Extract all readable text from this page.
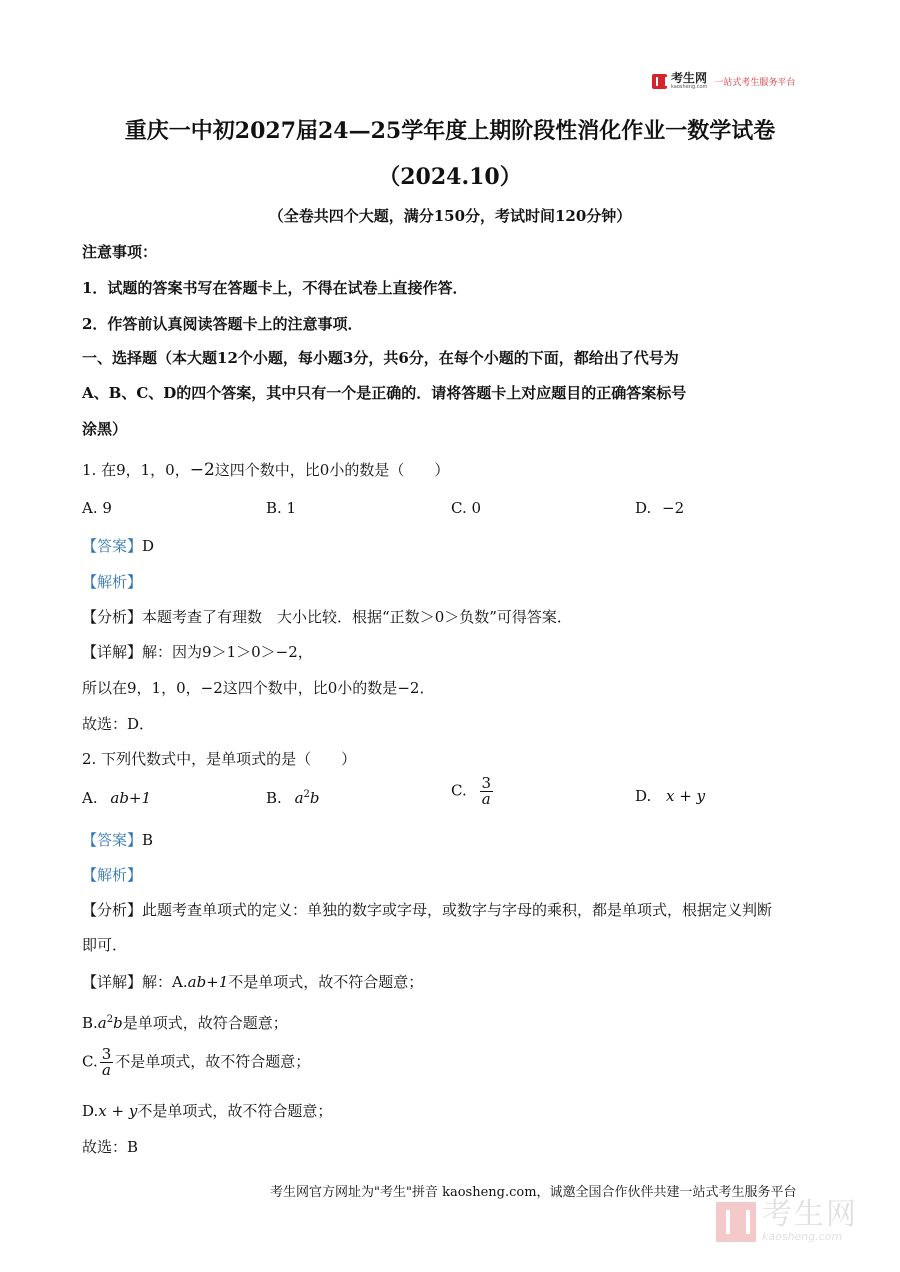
考生网
kaosheng.com 一站式考生服务平台
重庆一中初2027届24—25学年度上期阶段性消化作业一数学试卷
（2024.10）
（全卷共四个大题，满分150分，考试时间120分钟）
注意事项：
1．试题的答案书写在答题卡上，不得在试卷上直接作答．
2．作答前认真阅读答题卡上的注意事项．
一、选择题（本大题12个小题，每小题3分，共6分，在每个小题的下面，都给出了代号为
A、B、C、D的四个答案，其中只有一个是正确的．请将答题卡上对应题目的正确答案标号
涂黑）
1. 在9，1，0，−2这四个数中，比0小的数是（　　）
A. 9	B. 1	C. 0	D. −2
【答案】D
【解析】
【分析】本题考查了有理数　大小比较．根据“正数＞0＞负数”可得答案．
【详解】解：因为9＞1＞0＞−2，
所以在9，1，0，−2这四个数中，比0小的数是−2．
故选：D．
2. 下列代数式中，是单项式的是（　　）
A. ab+1	B. $a^2b$	C. $\frac{3}{a}$	D. x + y
【答案】B
【解析】
【分析】此题考查单项式的定义：单独的数字或字母，或数字与字母的乘积，都是单项式，根据定义判断
即可．
【详解】解：A.ab+1不是单项式，故不符合题意；
$B.a^2b$是单项式，故符合题意；
C. $\frac{3}{a}$ 不是单项式，故不符合题意；
D.x + y不是单项式，故不符合题意；
故选：B
考生网官方网址为"考生"拼音 kaosheng.com，诚邀全国合作伙伴共建一站式考生服务平台
考生网
kaosheng.com
